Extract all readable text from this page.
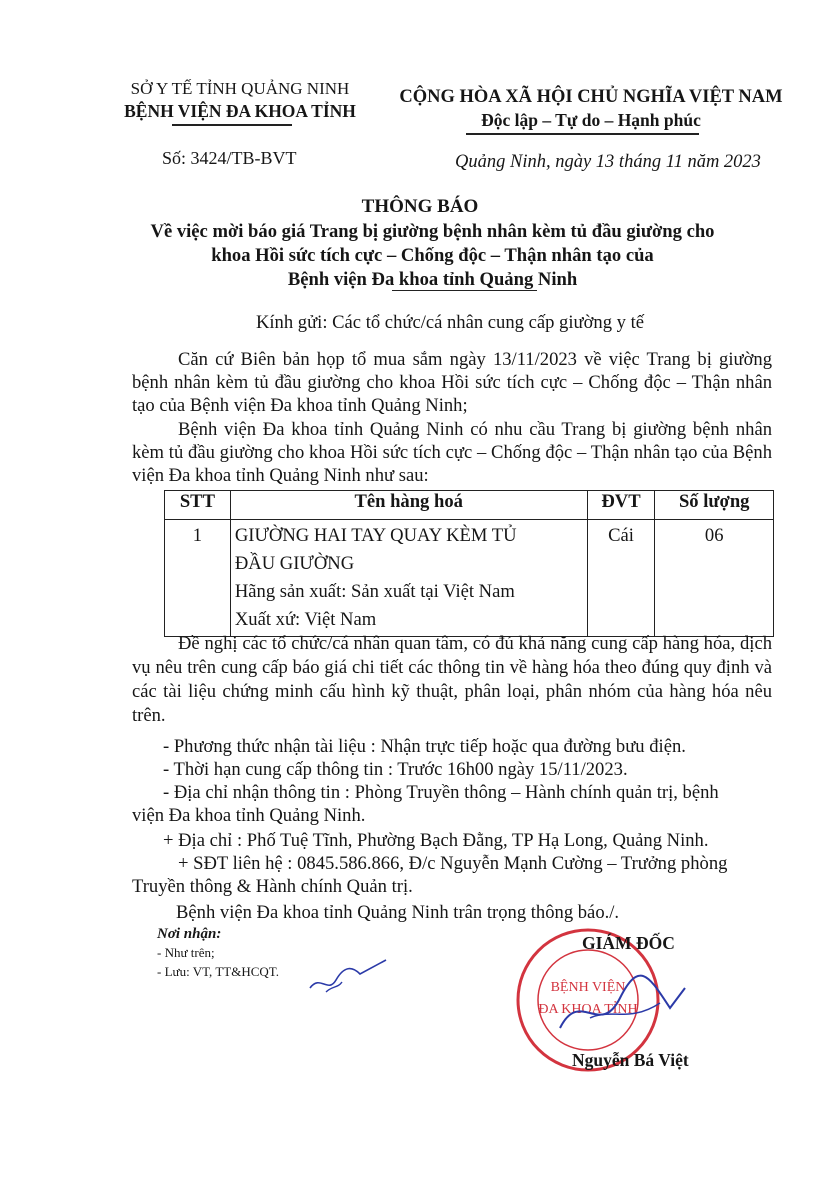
SỞ Y TẾ TỈNH QUẢNG NINH
BỆNH VIỆN ĐA KHOA TỈNH
CỘNG HÒA XÃ HỘI CHỦ NGHĨA VIỆT NAM
Độc lập – Tự do – Hạnh phúc
Số: 3424/TB-BVT	Quảng Ninh, ngày 13 tháng 11 năm 2023
THÔNG BÁO
Về việc mời báo giá Trang bị giường bệnh nhân kèm tủ đầu giường cho
khoa Hồi sức tích cực – Chống độc – Thận nhân tạo của
Bệnh viện Đa khoa tỉnh Quảng Ninh
Kính gửi: Các tổ chức/cá nhân cung cấp giường y tế
Căn cứ Biên bản họp tổ mua sắm ngày 13/11/2023 về việc Trang bị giường bệnh nhân kèm tủ đầu giường cho khoa Hồi sức tích cực – Chống độc – Thận nhân tạo của Bệnh viện Đa khoa tỉnh Quảng Ninh;
Bệnh viện Đa khoa tỉnh Quảng Ninh có nhu cầu Trang bị giường bệnh nhân kèm tủ đầu giường cho khoa Hồi sức tích cực – Chống độc – Thận nhân tạo của Bệnh viện Đa khoa tỉnh Quảng Ninh như sau:
STT	Tên hàng hoá	ĐVT	Số lượng
1	GIƯỜNG HAI TAY QUAY KÈM TỦ
ĐẦU GIƯỜNG
Hãng sản xuất: Sản xuất tại Việt Nam
Xuất xứ: Việt Nam	Cái	06
Đề nghị các tổ chức/cá nhân quan tâm, có đủ khả năng cung cấp hàng hóa, dịch vụ nêu trên cung cấp báo giá chi tiết các thông tin về hàng hóa theo đúng quy định và các tài liệu chứng minh cấu hình kỹ thuật, phân loại, phân nhóm của hàng hóa nêu trên.
- Phương thức nhận tài liệu : Nhận trực tiếp hoặc qua đường bưu điện.
- Thời hạn cung cấp thông tin : Trước 16h00 ngày 15/11/2023.
- Địa chỉ nhận thông tin : Phòng Truyền thông – Hành chính quản trị, bệnh
viện Đa khoa tỉnh Quảng Ninh.
+ Địa chỉ : Phố Tuệ Tĩnh, Phường Bạch Đằng, TP Hạ Long, Quảng Ninh.
+ SĐT liên hệ : 0845.586.866, Đ/c Nguyễn Mạnh Cường – Trưởng phòng
Truyền thông & Hành chính Quản trị.
Bệnh viện Đa khoa tỉnh Quảng Ninh trân trọng thông báo./.
Nơi nhận:
- Như trên;
- Lưu: VT, TT&HCQT.
BỆNH VIỆN
ĐA KHOA TỈNH
GIÁM ĐỐC
Nguyễn Bá Việt
